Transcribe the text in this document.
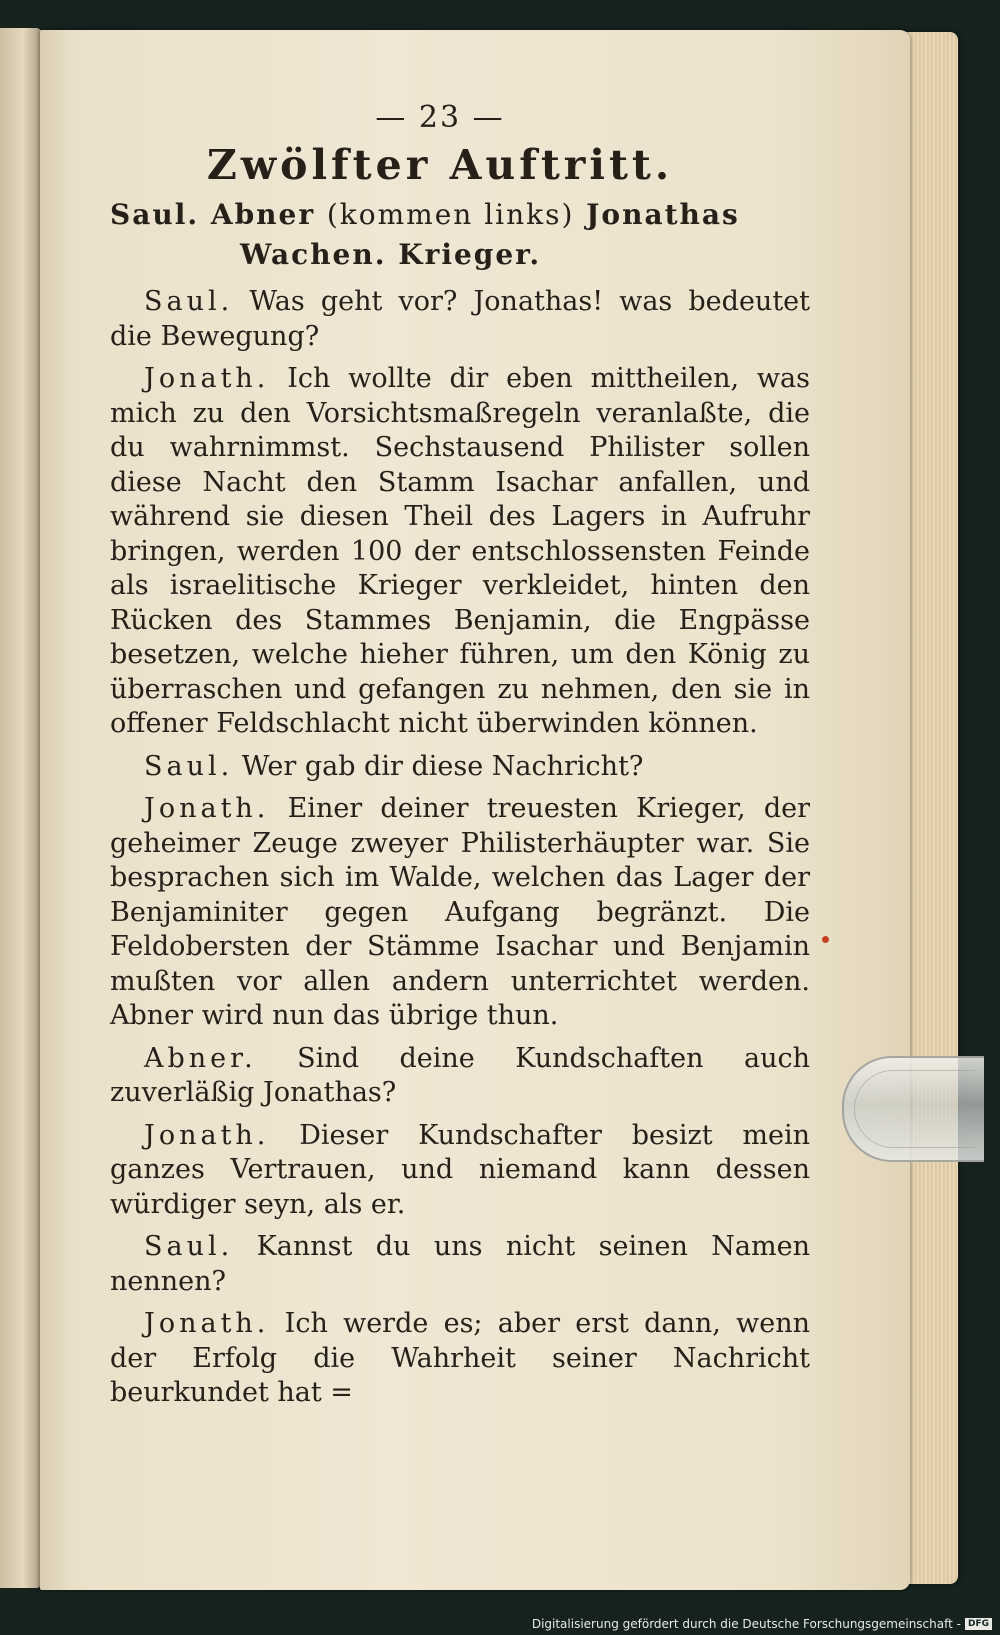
— 23 —
Zwölfter Auftritt.
Saul. Abner (kommen links) Jonathas
Wachen. Krieger.

Saul. Was geht vor? Jonathas! was bedeutet die Bewegung?

Jonath. Ich wollte dir eben mittheilen, was mich zu den Vorsichtsmaßregeln veranlaßte, die du wahrnimmst. Sechstausend Philister sollen diese Nacht den Stamm Isachar anfallen, und während sie diesen Theil des Lagers in Aufruhr bringen, werden 100 der entschlossensten Feinde als israelitische Krieger verkleidet, hinten den Rücken des Stammes Benjamin, die Engpässe besetzen, welche hieher führen, um den König zu überraschen und gefangen zu nehmen, den sie in offener Feldschlacht nicht überwinden können.

Saul. Wer gab dir diese Nachricht?

Jonath. Einer deiner treuesten Krieger, der geheimer Zeuge zweyer Philisterhäupter war. Sie besprachen sich im Walde, welchen das Lager der Benjaminiter gegen Aufgang begränzt. Die Feldobersten der Stämme Isachar und Benjamin mußten vor allen andern unterrichtet werden. Abner wird nun das übrige thun.

Abner. Sind deine Kundschaften auch zuverläßig Jonathas?

Jonath. Dieser Kundschafter besizt mein ganzes Vertrauen, und niemand kann dessen würdiger seyn, als er.

Saul. Kannst du uns nicht seinen Namen nennen?

Jonath. Ich werde es; aber erst dann, wenn der Erfolg die Wahrheit seiner Nachricht beurkundet hat =

Digitalisierung gefördert durch die Deutsche Forschungsgemeinschaft - DFG
